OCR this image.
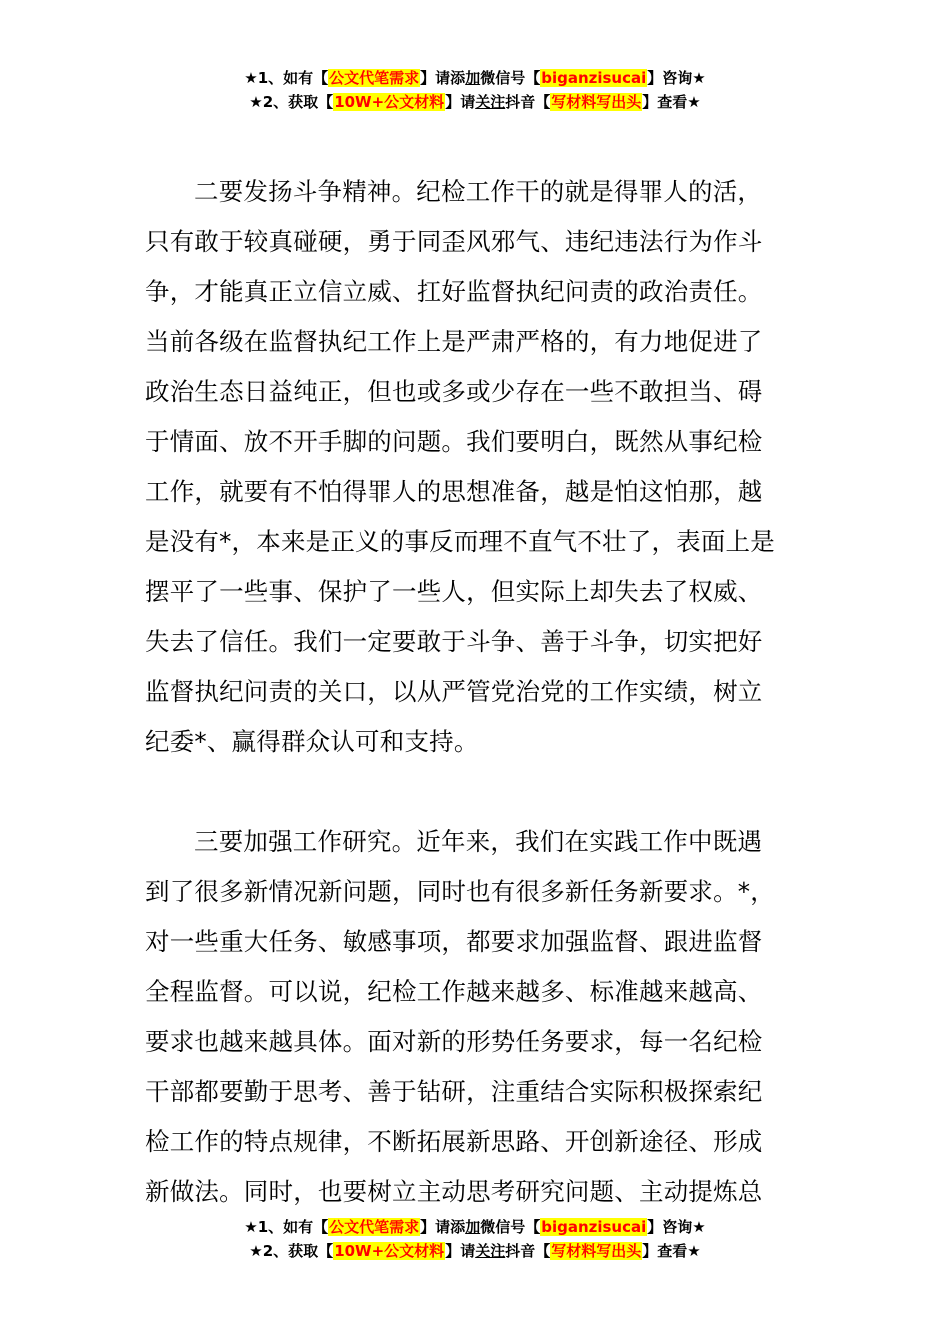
★1、如有【公文代笔需求】请添加微信号【biganzisucai】咨询★
★2、获取【10W+公文材料】请关注抖音【写材料写出头】查看★

二要发扬斗争精神。纪检工作干的就是得罪人的活，
只有敢于较真碰硬，勇于同歪风邪气、违纪违法行为作斗
争，才能真正立信立威、扛好监督执纪问责的政治责任。
当前各级在监督执纪工作上是严肃严格的，有力地促进了
政治生态日益纯正，但也或多或少存在一些不敢担当、碍
于情面、放不开手脚的问题。我们要明白，既然从事纪检
工作，就要有不怕得罪人的思想准备，越是怕这怕那，越
是没有*，本来是正义的事反而理不直气不壮了，表面上是
摆平了一些事、保护了一些人，但实际上却失去了权威、
失去了信任。我们一定要敢于斗争、善于斗争，切实把好
监督执纪问责的关口，以从严管党治党的工作实绩，树立
纪委*、赢得群众认可和支持。

三要加强工作研究。近年来，我们在实践工作中既遇
到了很多新情况新问题，同时也有很多新任务新要求。*，
对一些重大任务、敏感事项，都要求加强监督、跟进监督
全程监督。可以说，纪检工作越来越多、标准越来越高、
要求也越来越具体。面对新的形势任务要求，每一名纪检
干部都要勤于思考、善于钻研，注重结合实际积极探索纪
检工作的特点规律，不断拓展新思路、开创新途径、形成
新做法。同时，也要树立主动思考研究问题、主动提炼总

★1、如有【公文代笔需求】请添加微信号【biganzisucai】咨询★
★2、获取【10W+公文材料】请关注抖音【写材料写出头】查看★
